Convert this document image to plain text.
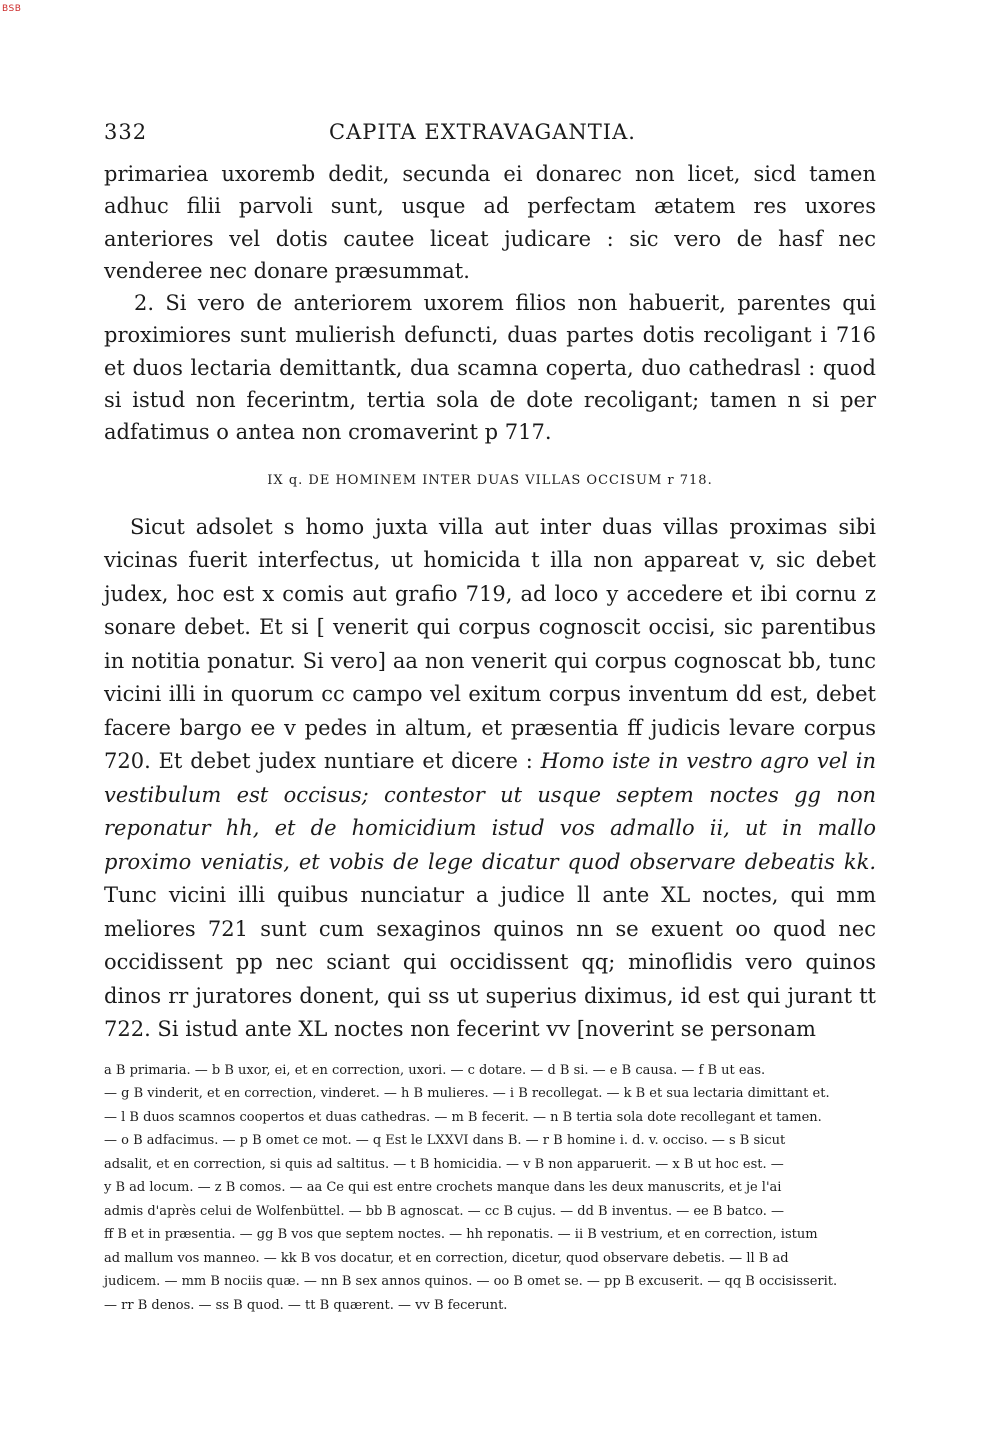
BSB
332	CAPITA EXTRAVAGANTIA.

primariea uxoremb dedit, secunda ei donarec non licet, sicd tamen adhuc filii parvoli sunt, usque ad perfectam ætatem res uxores anteriores vel dotis cautee liceat judicare : sic vero de hasf nec venderee nec donare præsummat.

2. Si vero de anteriorem uxorem filios non habuerit, parentes qui proximiores sunt mulierish defuncti, duas partes dotis recoligant i 716 et duos lectaria demittantk, dua scamna coperta, duo cathedrasl : quod si istud non fecerintm, tertia sola de dote recoligant; tamen n si per adfatimus o antea non cromaverint p 717.

IX q. DE HOMINEM INTER DUAS VILLAS OCCISUM r 718.

Sicut adsolet s homo juxta villa aut inter duas villas proximas sibi vicinas fuerit interfectus, ut homicida t illa non appareat v, sic debet judex, hoc est x comis aut grafio 719, ad loco y accedere et ibi cornu z sonare debet. Et si [ venerit qui corpus cognoscit occisi, sic parentibus in notitia ponatur. Si vero] aa non venerit qui corpus cognoscat bb, tunc vicini illi in quorum cc campo vel exitum corpus inventum dd est, debet facere bargo ee v pedes in altum, et præsentia ff judicis levare corpus 720. Et debet judex nuntiare et dicere : Homo iste in vestro agro vel in vestibulum est occisus; contestor ut usque septem noctes gg non reponatur hh, et de homicidium istud vos admallo ii, ut in mallo proximo veniatis, et vobis de lege dicatur quod observare debeatis kk. Tunc vicini illi quibus nunciatur a judice ll ante XL noctes, qui mm meliores 721 sunt cum sexaginos quinos nn se exuent oo quod nec occidissent pp nec sciant qui occidissent qq; minoflidis vero quinos dinos rr juratores donent, qui ss ut superius diximus, id est qui jurant tt 722. Si istud ante XL noctes non fecerint vv [noverint se personam

a B primaria. — b B uxor, ei, et en correction, uxori. — c dotare. — d B si. — e B causa. — f B ut eas.

— g B vinderit, et en correction, vinderet. — h B mulieres. — i B recollegat. — k B et sua lectaria dimittant et.

— l B duos scamnos coopertos et duas cathedras. — m B fecerit. — n B tertia sola dote recollegant et tamen.

— o B adfacimus. — p B omet ce mot. — q Est le LXXVI dans B. — r B homine i. d. v. occiso. — s B sicut

adsalit, et en correction, si quis ad saltitus. — t B homicidia. — v B non apparuerit. — x B ut hoc est. —

y B ad locum. — z B comos. — aa Ce qui est entre crochets manque dans les deux manuscrits, et je l'ai

admis d'après celui de Wolfenbüttel. — bb B agnoscat. — cc B cujus. — dd B inventus. — ee B batco. —

ff B et in præsentia. — gg B vos que septem noctes. — hh reponatis. — ii B vestrium, et en correction, istum

ad mallum vos manneo. — kk B vos docatur, et en correction, dicetur, quod observare debetis. — ll B ad

judicem. — mm B nociis quæ. — nn B sex annos quinos. — oo B omet se. — pp B excuserit. — qq B occisisserit.

— rr B denos. — ss B quod. — tt B quærent. — vv B fecerunt.
